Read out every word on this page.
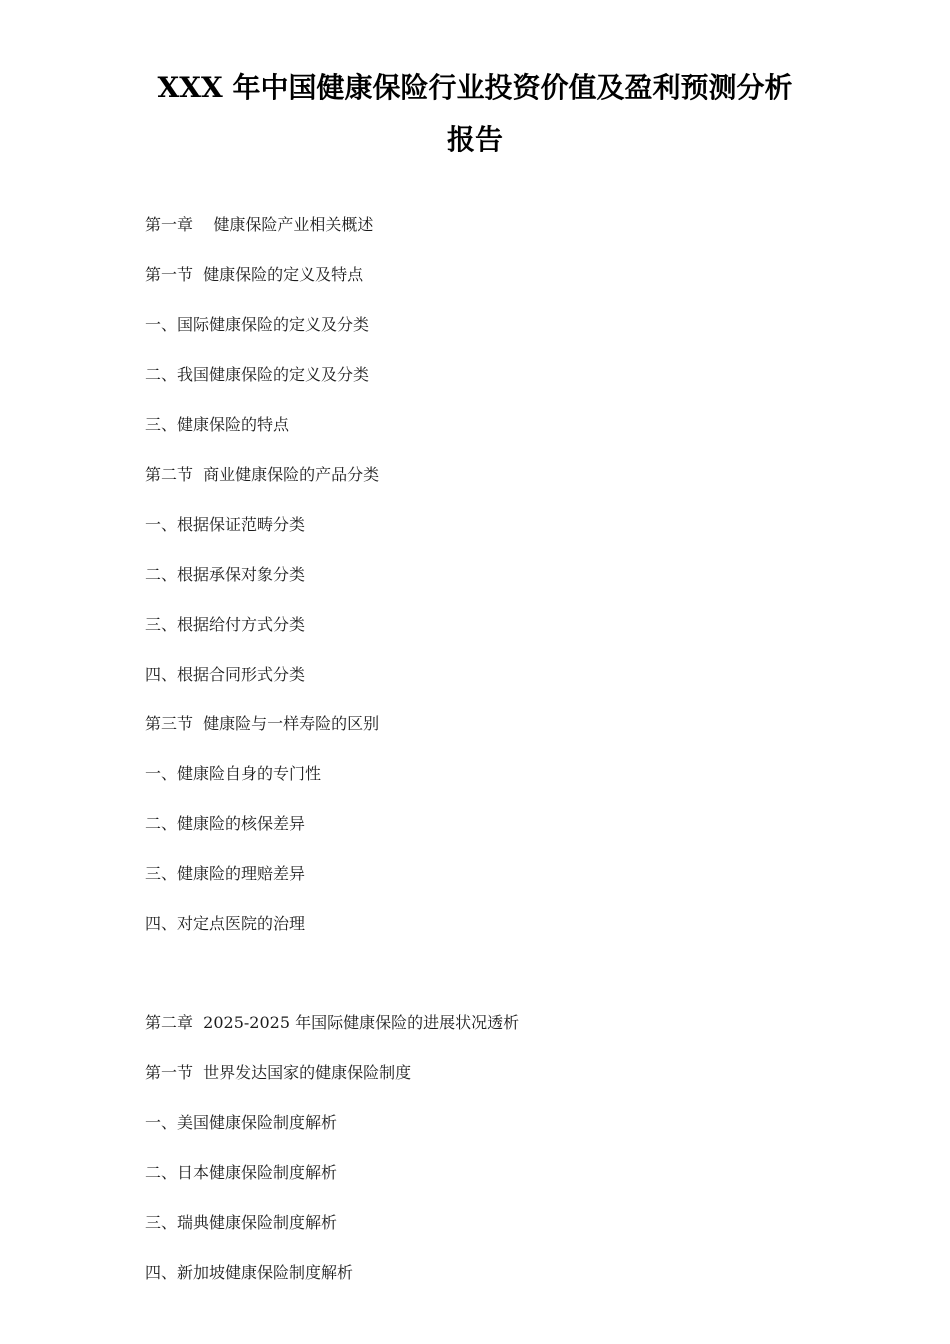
XXX 年中国健康保险行业投资价值及盈利预测分析
报告
第一章    健康保险产业相关概述
第一节  健康保险的定义及特点
一、国际健康保险的定义及分类
二、我国健康保险的定义及分类
三、健康保险的特点
第二节  商业健康保险的产品分类
一、根据保证范畴分类
二、根据承保对象分类
三、根据给付方式分类
四、根据合同形式分类
第三节  健康险与一样寿险的区别
一、健康险自身的专门性
二、健康险的核保差异
三、健康险的理赔差异
四、对定点医院的治理
第二章  2025-2025 年国际健康保险的进展状况透析
第一节  世界发达国家的健康保险制度
一、美国健康保险制度解析
二、日本健康保险制度解析
三、瑞典健康保险制度解析
四、新加坡健康保险制度解析
